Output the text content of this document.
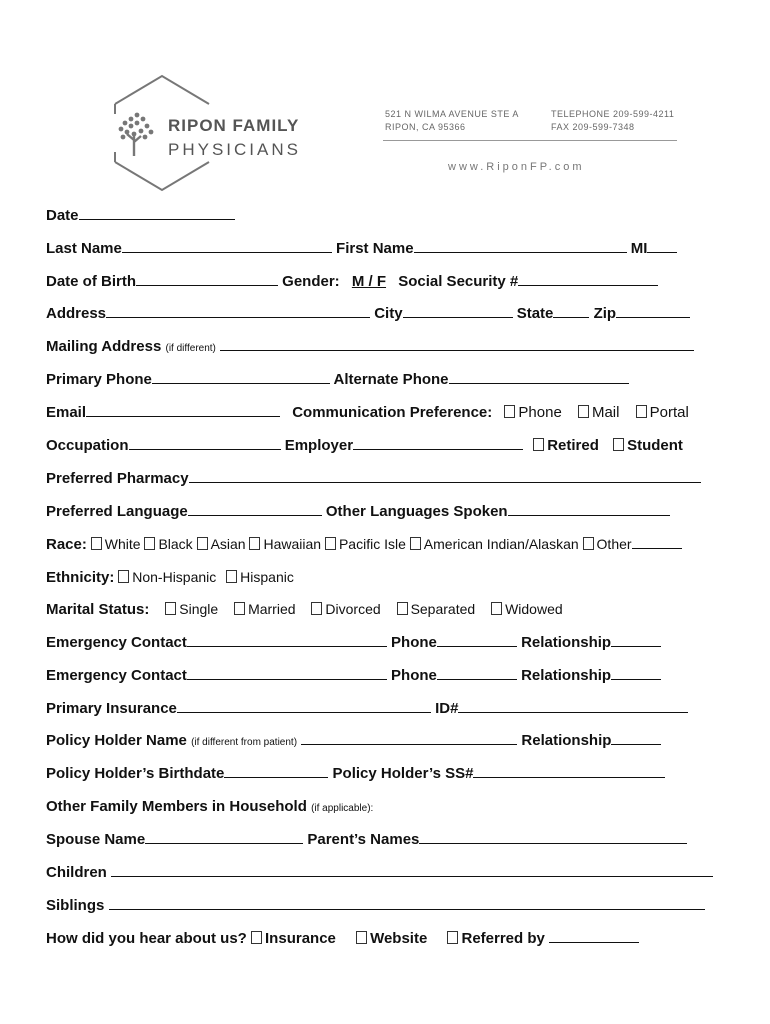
RIPON FAMILY
PHYSICIANS
521 N WILMA AVENUE STE A
RIPON, CA 95366
TELEPHONE 209-599-4211
FAX 209-599-7348
www.RiponFP.com
Date
Last Name	First Name	MI
Date of Birth	Gender: M / F Social Security #
Address	City	State	Zip
Mailing Address (if different)
Primary Phone	Alternate Phone
Email	Communication Preference: Phone Mail Portal
Occupation	Employer	Retired Student
Preferred Pharmacy
Preferred Language	Other Languages Spoken
Race: White Black Asian Hawaiian Pacific Isle American Indian/Alaskan Other
Ethnicity: Non-Hispanic Hispanic
Marital Status: Single Married Divorced Separated Widowed
Emergency Contact	Phone	Relationship
Emergency Contact	Phone	Relationship
Primary Insurance	ID#
Policy Holder Name (if different from patient)	Relationship
Policy Holder’s Birthdate	Policy Holder’s SS#
Other Family Members in Household (if applicable):
Spouse Name	Parent’s Names
Children
Siblings
How did you hear about us? Insurance Website Referred by
